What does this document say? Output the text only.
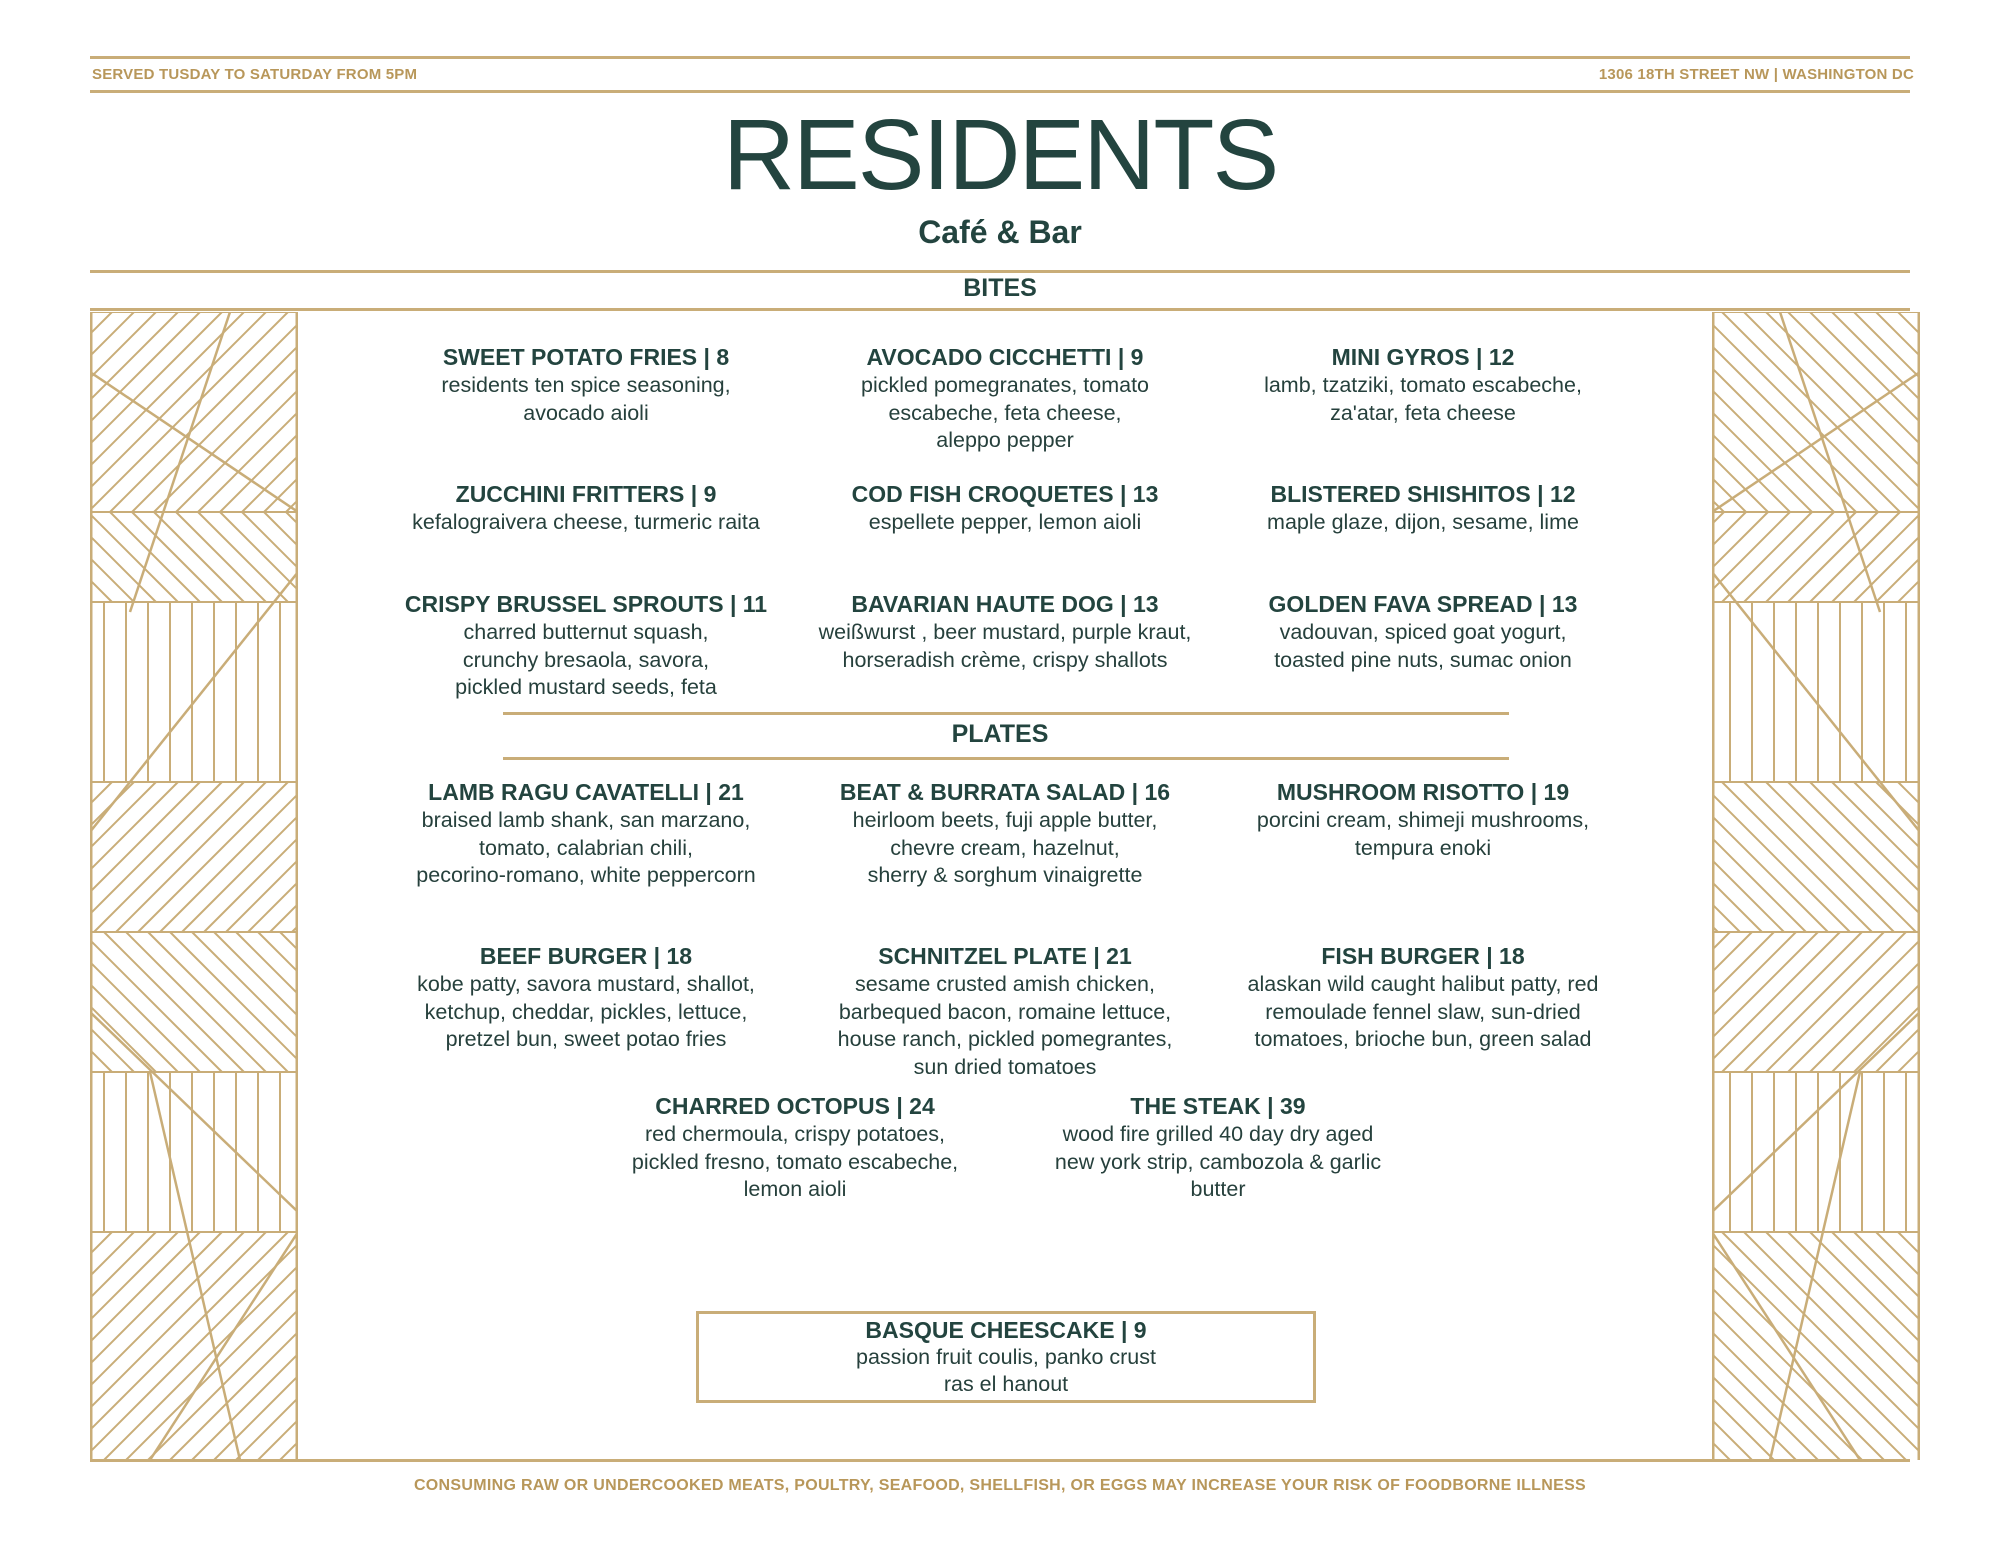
SERVED TUSDAY TO SATURDAY FROM 5PM	1306 18TH STREET NW | WASHINGTON DC
RESIDENTS
Café & Bar
BITES
SWEET POTATO FRIES | 8
residents ten spice seasoning,
avocado aioli
AVOCADO CICCHETTI | 9
pickled pomegranates, tomato
escabeche, feta cheese,
aleppo pepper
MINI GYROS | 12
lamb, tzatziki, tomato escabeche,
za'atar, feta cheese
ZUCCHINI FRITTERS | 9
kefalograivera cheese, turmeric raita
COD FISH CROQUETES | 13
espellete pepper, lemon aioli
BLISTERED SHISHITOS | 12
maple glaze, dijon, sesame, lime
CRISPY BRUSSEL SPROUTS | 11
charred butternut squash,
crunchy bresaola, savora,
pickled mustard seeds, feta
BAVARIAN HAUTE DOG | 13
weißwurst , beer mustard, purple kraut,
horseradish crème, crispy shallots
GOLDEN FAVA SPREAD | 13
vadouvan, spiced goat yogurt,
toasted pine nuts, sumac onion
PLATES
LAMB RAGU CAVATELLI | 21
braised lamb shank, san marzano,
tomato, calabrian chili,
pecorino-romano, white peppercorn
BEAT & BURRATA SALAD | 16
heirloom beets, fuji apple butter,
chevre cream, hazelnut,
sherry & sorghum vinaigrette
MUSHROOM RISOTTO | 19
porcini cream, shimeji mushrooms,
tempura enoki
BEEF BURGER | 18
kobe patty, savora mustard, shallot,
ketchup, cheddar, pickles, lettuce,
pretzel bun, sweet potao fries
SCHNITZEL PLATE | 21
sesame crusted amish chicken,
barbequed bacon, romaine lettuce,
house ranch, pickled pomegrantes,
sun dried tomatoes
FISH BURGER | 18
alaskan wild caught halibut patty, red
remoulade fennel slaw, sun-dried
tomatoes, brioche bun, green salad
CHARRED OCTOPUS | 24
red chermoula, crispy potatoes,
pickled fresno, tomato escabeche,
lemon aioli
THE STEAK | 39
wood fire grilled 40 day dry aged
new york strip, cambozola & garlic
butter
BASQUE CHEESCAKE | 9
passion fruit coulis, panko crust
ras el hanout
CONSUMING RAW OR UNDERCOOKED MEATS, POULTRY, SEAFOOD, SHELLFISH, OR EGGS MAY INCREASE YOUR RISK OF FOODBORNE ILLNESS
